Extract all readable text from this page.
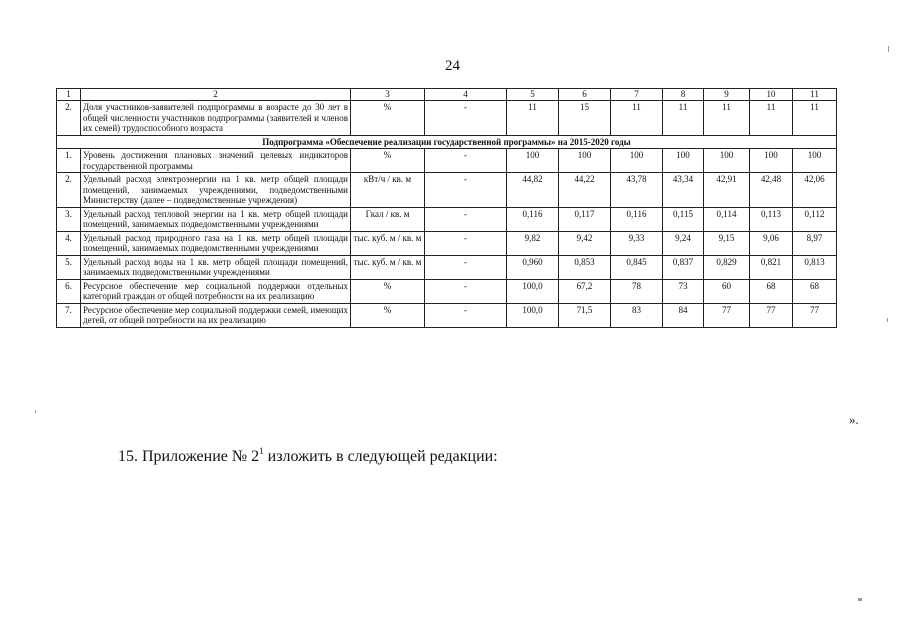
24
1	2	3	4	5	6	7	8	9	10	11
2.	Доля участников-заявителей подпрограммы в возрасте до 30 лет в общей численности участников подпрограммы (заявителей и членов их семей) трудоспособного возраста	%	-	11	15	11	11	11	11	11
Подпрограмма «Обеспечение реализации государственной программы» на 2015-2020 годы										
1.	Уровень достижения плановых значений целевых индикаторов государственной программы	%	-	100	100	100	100	100	100	100
2.	Удельный расход электроэнергии на 1 кв. метр общей площади помещений, занимаемых учреждениями, подведомственными Министерству (далее – подведомственные учреждения)	кВт/ч / кв. м	-	44,82	44,22	43,78	43,34	42,91	42,48	42,06
3.	Удельный расход тепловой энергии на 1 кв. метр общей площади помещений, занимаемых подведомственными учреждениями	Гкал / кв. м	-	0,116	0,117	0,116	0,115	0,114	0,113	0,112
4.	Удельный расход природного газа на 1 кв. метр общей площади помещений, занимаемых подведомственными учреждениями	тыс. куб. м / кв. м	-	9,82	9,42	9,33	9,24	9,15	9,06	8,97
5.	Удельный расход воды на 1 кв. метр общей площади помещений, занимаемых подведомственными учреждениями	тыс. куб. м / кв. м	-	0,960	0,853	0,845	0,837	0,829	0,821	0,813
6.	Ресурсное обеспечение мер социальной поддержки отдельных категорий граждан от общей потребности на их реализацию	%	-	100,0	67,2	78	73	60	68	68
7.	Ресурсное обеспечение мер социальной поддержки семей, имеющих детей, от общей потребности на их реализацию	%	-	100,0	71,5	83	84	77	77	77
».
15. Приложение № $2^1$ изложить в следующей редакции:
